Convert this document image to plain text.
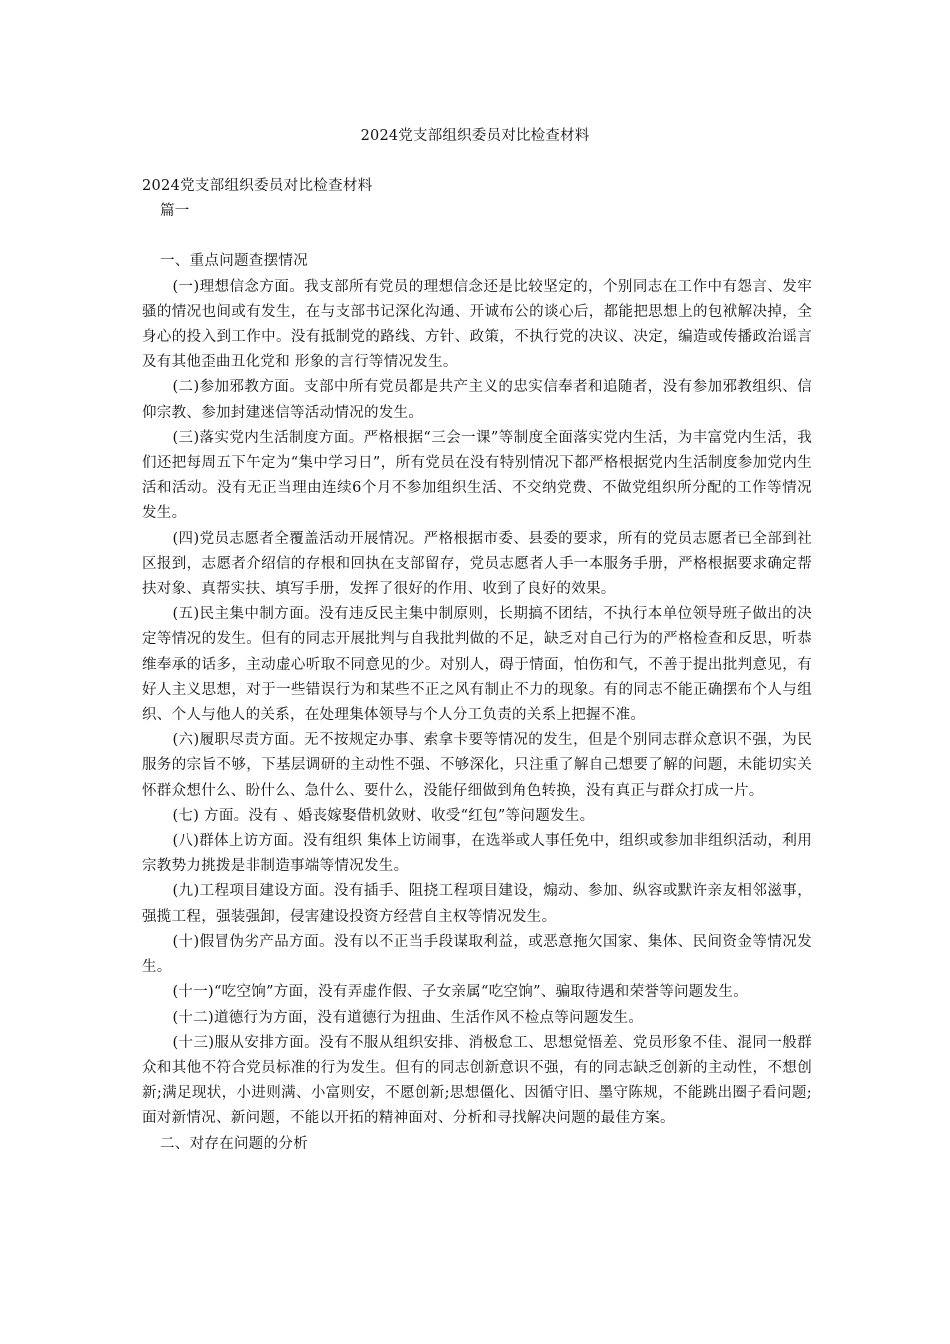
2024党支部组织委员对比检查材料

2024党支部组织委员对比检查材料

篇一

一、重点问题查摆情况

(一)理想信念方面。我支部所有党员的理想信念还是比较坚定的，个别同志在工作中有怨言、发牢骚的情况也间或有发生，在与支部书记深化沟通、开诚布公的谈心后，都能把思想上的包袱解决掉，全身心的投入到工作中。没有抵制党的路线、方针、政策，不执行党的决议、决定，编造或传播政治谣言及有其他歪曲丑化党和 形象的言行等情况发生。

(二)参加邪教方面。支部中所有党员都是共产主义的忠实信奉者和追随者，没有参加邪教组织、信仰宗教、参加封建迷信等活动情况的发生。

(三)落实党内生活制度方面。严格根据“三会一课”等制度全面落实党内生活，为丰富党内生活，我们还把每周五下午定为“集中学习日”，所有党员在没有特别情况下都严格根据党内生活制度参加党内生活和活动。没有无正当理由连续6个月不参加组织生活、不交纳党费、不做党组织所分配的工作等情况发生。

(四)党员志愿者全覆盖活动开展情况。严格根据市委、县委的要求，所有的党员志愿者已全部到社区报到，志愿者介绍信的存根和回执在支部留存，党员志愿者人手一本服务手册，严格根据要求确定帮扶对象、真帮实扶、填写手册，发挥了很好的作用、收到了良好的效果。

(五)民主集中制方面。没有违反民主集中制原则，长期搞不团结，不执行本单位领导班子做出的决定等情况的发生。但有的同志开展批判与自我批判做的不足，缺乏对自己行为的严格检查和反思，听恭维奉承的话多，主动虚心听取不同意见的少。对别人，碍于情面，怕伤和气，不善于提出批判意见，有好人主义思想，对于一些错误行为和某些不正之风有制止不力的现象。有的同志不能正确摆布个人与组织、个人与他人的关系，在处理集体领导与个人分工负责的关系上把握不准。

(六)履职尽责方面。无不按规定办事、索拿卡要等情况的发生，但是个别同志群众意识不强，为民服务的宗旨不够，下基层调研的主动性不强、不够深化，只注重了解自己想要了解的问题，未能切实关怀群众想什么、盼什么、急什么、要什么，没能仔细做到角色转换，没有真正与群众打成一片。

(七) 方面。没有 、婚丧嫁娶借机敛财、收受“红包”等问题发生。

(八)群体上访方面。没有组织 集体上访闹事，在选举或人事任免中，组织或参加非组织活动，利用宗教势力挑拨是非制造事端等情况发生。

(九)工程项目建设方面。没有插手、阻挠工程项目建设，煽动、参加、纵容或默许亲友相邻滋事，强揽工程，强装强卸，侵害建设投资方经营自主权等情况发生。

(十)假冒伪劣产品方面。没有以不正当手段谋取利益，或恶意拖欠国家、集体、民间资金等情况发生。

(十一)“吃空饷”方面，没有弄虚作假、子女亲属“吃空饷”、骗取待遇和荣誉等问题发生。

(十二)道德行为方面，没有道德行为扭曲、生活作风不检点等问题发生。

(十三)服从安排方面。没有不服从组织安排、消极怠工、思想觉悟差、党员形象不佳、混同一般群众和其他不符合党员标准的行为发生。但有的同志创新意识不强，有的同志缺乏创新的主动性，不想创新;满足现状，小进则满、小富则安，不愿创新;思想僵化、因循守旧、墨守陈规，不能跳出圈子看问题;面对新情况、新问题，不能以开拓的精神面对、分析和寻找解决问题的最佳方案。

二、对存在问题的分析
